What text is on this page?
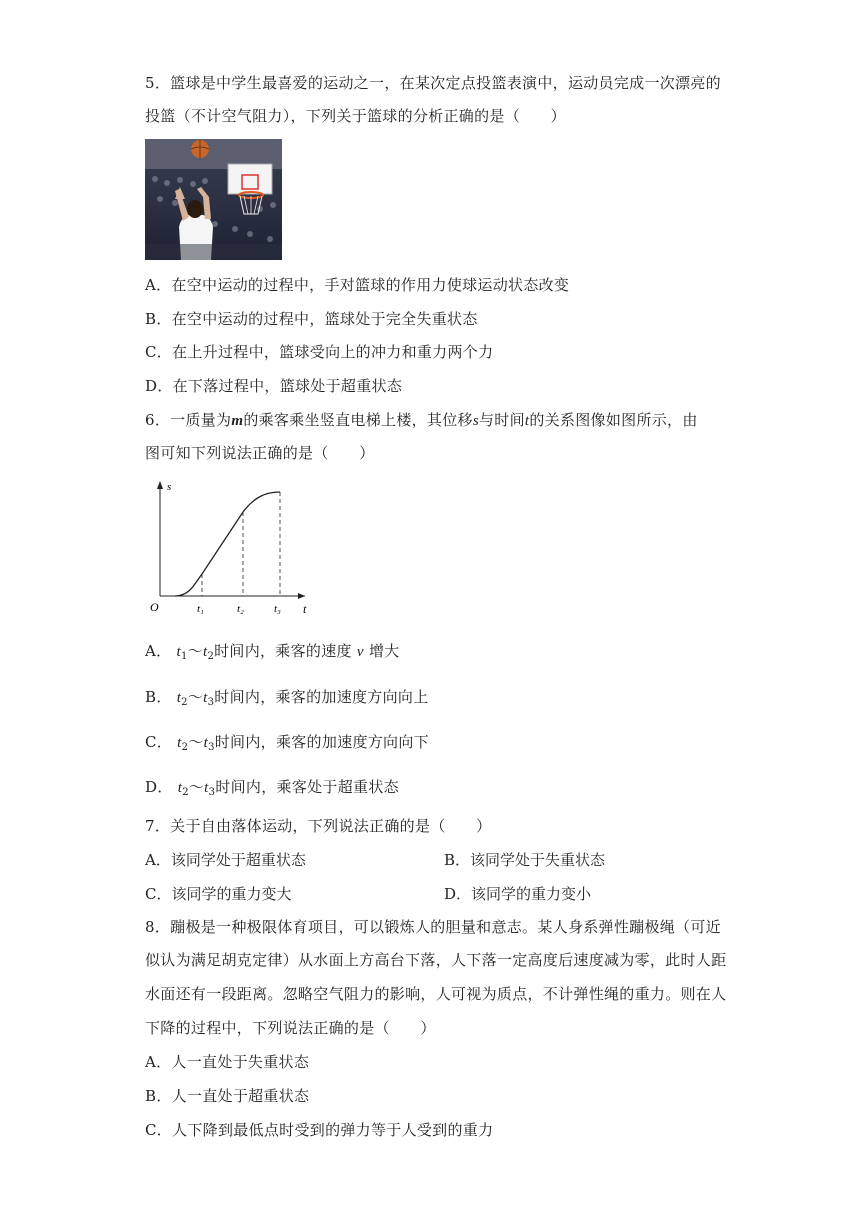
5．篮球是中学生最喜爱的运动之一，在某次定点投篮表演中，运动员完成一次漂亮的
投篮（不计空气阻力），下列关于篮球的分析正确的是（　　）
A．在空中运动的过程中，手对篮球的作用力使球运动状态改变
B．在空中运动的过程中，篮球处于完全失重状态
C．在上升过程中，篮球受向上的冲力和重力两个力
D．在下落过程中，篮球处于超重状态
6．一质量为m的乘客乘坐竖直电梯上楼，其位移s与时间t的关系图像如图所示，由
图可知下列说法正确的是（　　）
s
t
O	t₁	t₂	t₃
A． $t_1\sim t_2$时间内，乘客的速度 v 增大
B． $t_2\sim t_3$时间内，乘客的加速度方向向上
C． $t_2\sim t_3$时间内，乘客的加速度方向向下
D． $t_2\sim t_3$时间内，乘客处于超重状态
7．关于自由落体运动，下列说法正确的是（　　）
A．该同学处于超重状态	B．该同学处于失重状态
C．该同学的重力变大	D．该同学的重力变小
8．蹦极是一种极限体育项目，可以锻炼人的胆量和意志。某人身系弹性蹦极绳（可近
似认为满足胡克定律）从水面上方高台下落，人下落一定高度后速度减为零，此时人距
水面还有一段距离。忽略空气阻力的影响，人可视为质点，不计弹性绳的重力。则在人
下降的过程中，下列说法正确的是（　　）
A．人一直处于失重状态
B．人一直处于超重状态
C．人下降到最低点时受到的弹力等于人受到的重力
